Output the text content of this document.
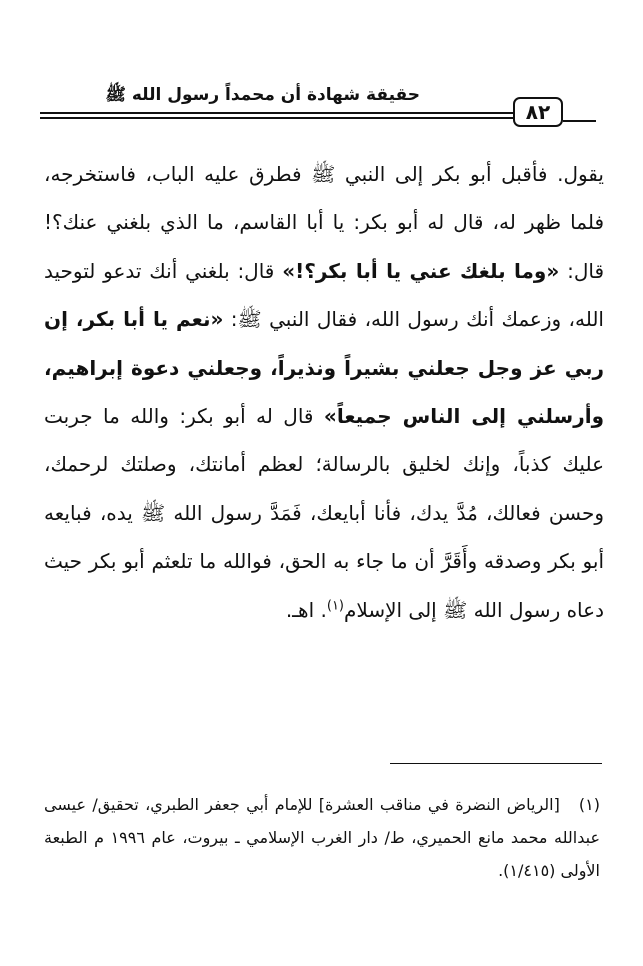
حقيقة شهادة أن محمداً رسول الله ﷺ
٨٢
يقول. فأقبل أبو بكر إلى النبي ﷺ فطرق عليه الباب، فاستخرجه، فلما ظهر له، قال له أبو بكر: يا أبا القاسم، ما الذي بلغني عنك؟! قال: «وما بلغك عني يا أبا بكر؟!» قال: بلغني أنك تدعو لتوحيد الله، وزعمك أنك رسول الله، فقال النبي ﷺ: «نعم يا أبا بكر، إن ربي عز وجل جعلني بشيراً ونذيراً، وجعلني دعوة إبراهيم، وأرسلني إلى الناس جميعاً» قال له أبو بكر: والله ما جربت عليك كذباً، وإنك لخليق بالرسالة؛ لعظم أمانتك، وصلتك لرحمك، وحسن فعالك، مُدَّ يدك، فأنا أبايعك، فَمَدَّ رسول الله ﷺ يده، فبايعه أبو بكر وصدقه وأَقَرَّ أن ما جاء به الحق، فوالله ما تلعثم أبو بكر حيث دعاه رسول الله ﷺ إلى الإسلام$^{(١)}$. اهـ.
(١)   [الرياض النضرة في مناقب العشرة] للإمام أبي جعفر الطبري، تحقيق/ عيسى عبدالله محمد مانع الحميري، ط/ دار الغرب الإسلامي ـ بيروت، عام ١٩٩٦ م الطبعة الأولى (١/٤١٥).
